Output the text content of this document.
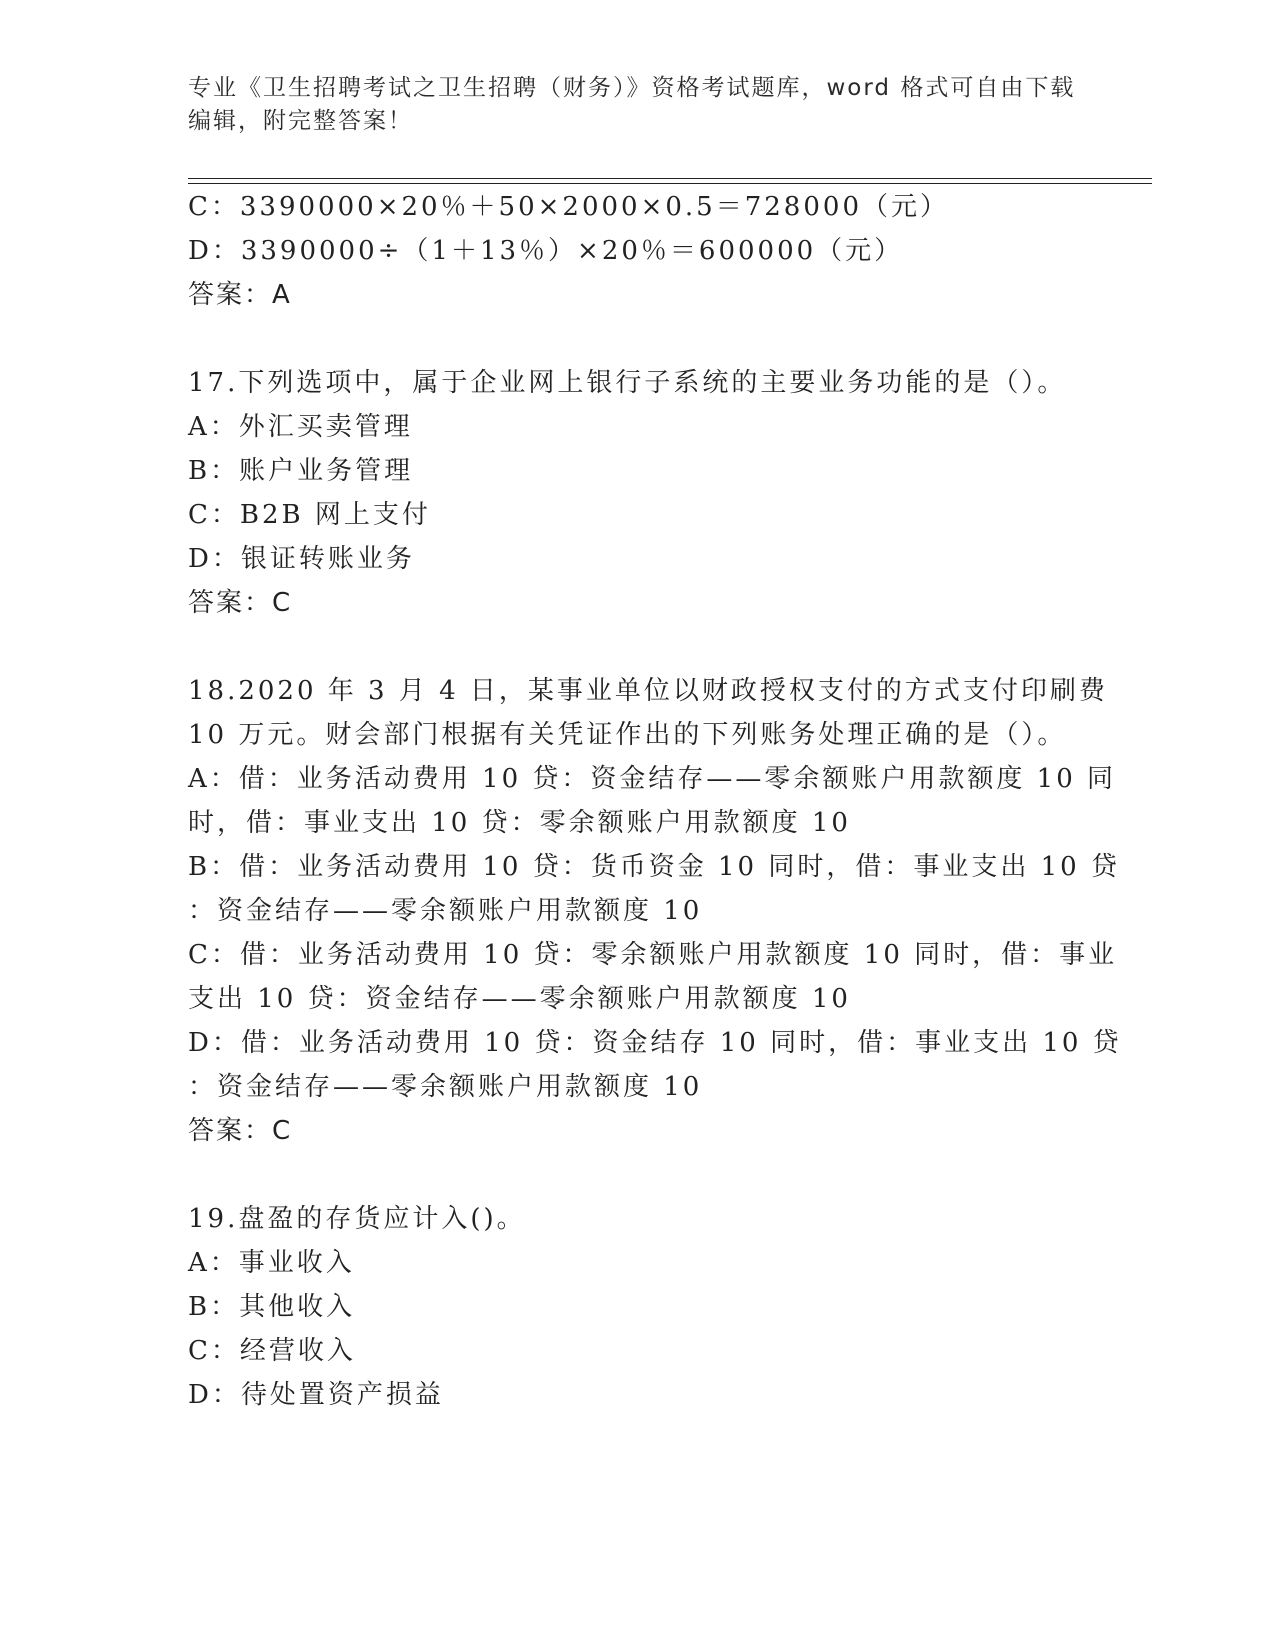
专业《卫生招聘考试之卫生招聘（财务）》资格考试题库，word 格式可自由下载
编辑，附完整答案！
C：3390000×20％＋50×2000×0.5＝728000（元）
D：3390000÷（1＋13％）×20％＝600000（元）
答案：A
17.下列选项中，属于企业网上银行子系统的主要业务功能的是（）。
A：外汇买卖管理
B：账户业务管理
C：B2B 网上支付
D：银证转账业务
答案：C
18.2020 年 3 月 4 日，某事业单位以财政授权支付的方式支付印刷费
10 万元。财会部门根据有关凭证作出的下列账务处理正确的是（）。
A：借：业务活动费用 10 贷：资金结存——零余额账户用款额度 10 同
时，借：事业支出 10 贷：零余额账户用款额度 10
B：借：业务活动费用 10 贷：货币资金 10 同时，借：事业支出 10 贷
：资金结存——零余额账户用款额度 10
C：借：业务活动费用 10 贷：零余额账户用款额度 10 同时，借：事业
支出 10 贷：资金结存——零余额账户用款额度 10
D：借：业务活动费用 10 贷：资金结存 10 同时，借：事业支出 10 贷
：资金结存——零余额账户用款额度 10
答案：C
19.盘盈的存货应计入()。
A：事业收入
B：其他收入
C：经营收入
D：待处置资产损益
